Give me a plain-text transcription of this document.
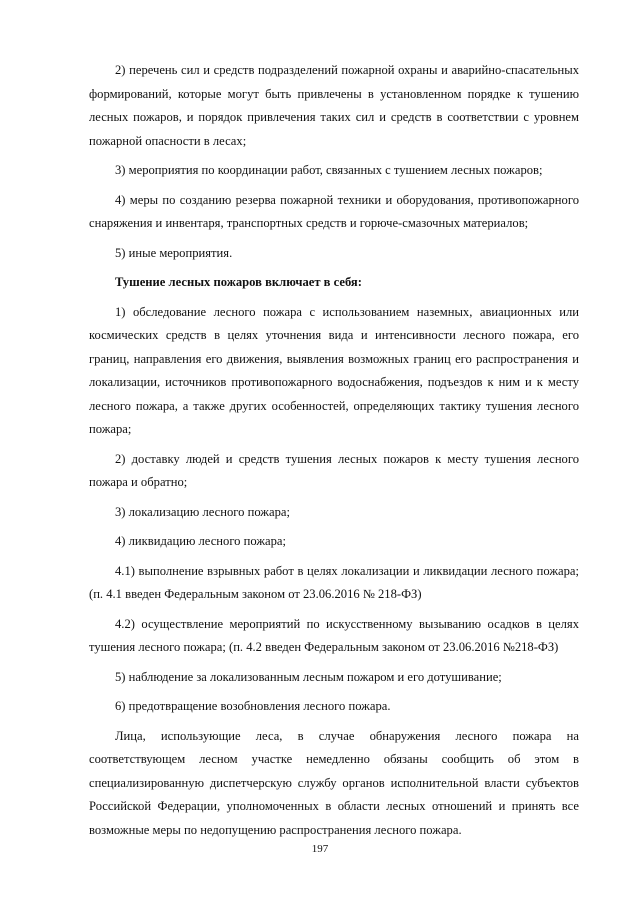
2) перечень сил и средств подразделений пожарной охраны и аварийно-спасательных формирований, которые могут быть привлечены в установленном порядке к тушению лесных пожаров, и порядок привлечения таких сил и средств в соответствии с уровнем пожарной опасности в лесах;

3) мероприятия по координации работ, связанных с тушением лесных пожаров;

4) меры по созданию резерва пожарной техники и оборудования, противопожарного снаряжения и инвентаря, транспортных средств и горюче-смазочных материалов;

5) иные мероприятия.

Тушение лесных пожаров включает в себя:

1) обследование лесного пожара с использованием наземных, авиационных или космических средств в целях уточнения вида и интенсивности лесного пожара, его границ, направления его движения, выявления возможных границ его распространения и локализации, источников противопожарного водоснабжения, подъездов к ним и к месту лесного пожара, а также других особенностей, определяющих тактику тушения лесного пожара;

2) доставку людей и средств тушения лесных пожаров к месту тушения лесного пожара и обратно;

3) локализацию лесного пожара;

4) ликвидацию лесного пожара;

4.1) выполнение взрывных работ в целях локализации и ликвидации лесного пожара; (п. 4.1 введен Федеральным законом от 23.06.2016 № 218-ФЗ)

4.2) осуществление мероприятий по искусственному вызыванию осадков в целях тушения лесного пожара; (п. 4.2 введен Федеральным законом от 23.06.2016 №218-ФЗ)

5) наблюдение за локализованным лесным пожаром и его дотушивание;

6) предотвращение возобновления лесного пожара.

Лица, использующие леса, в случае обнаружения лесного пожара на соответствующем лесном участке немедленно обязаны сообщить об этом в специализированную диспетчерскую службу органов исполнительной власти субъектов Российской Федерации, уполномоченных в области лесных отношений и принять все возможные меры по недопущению распространения лесного пожара.

197
